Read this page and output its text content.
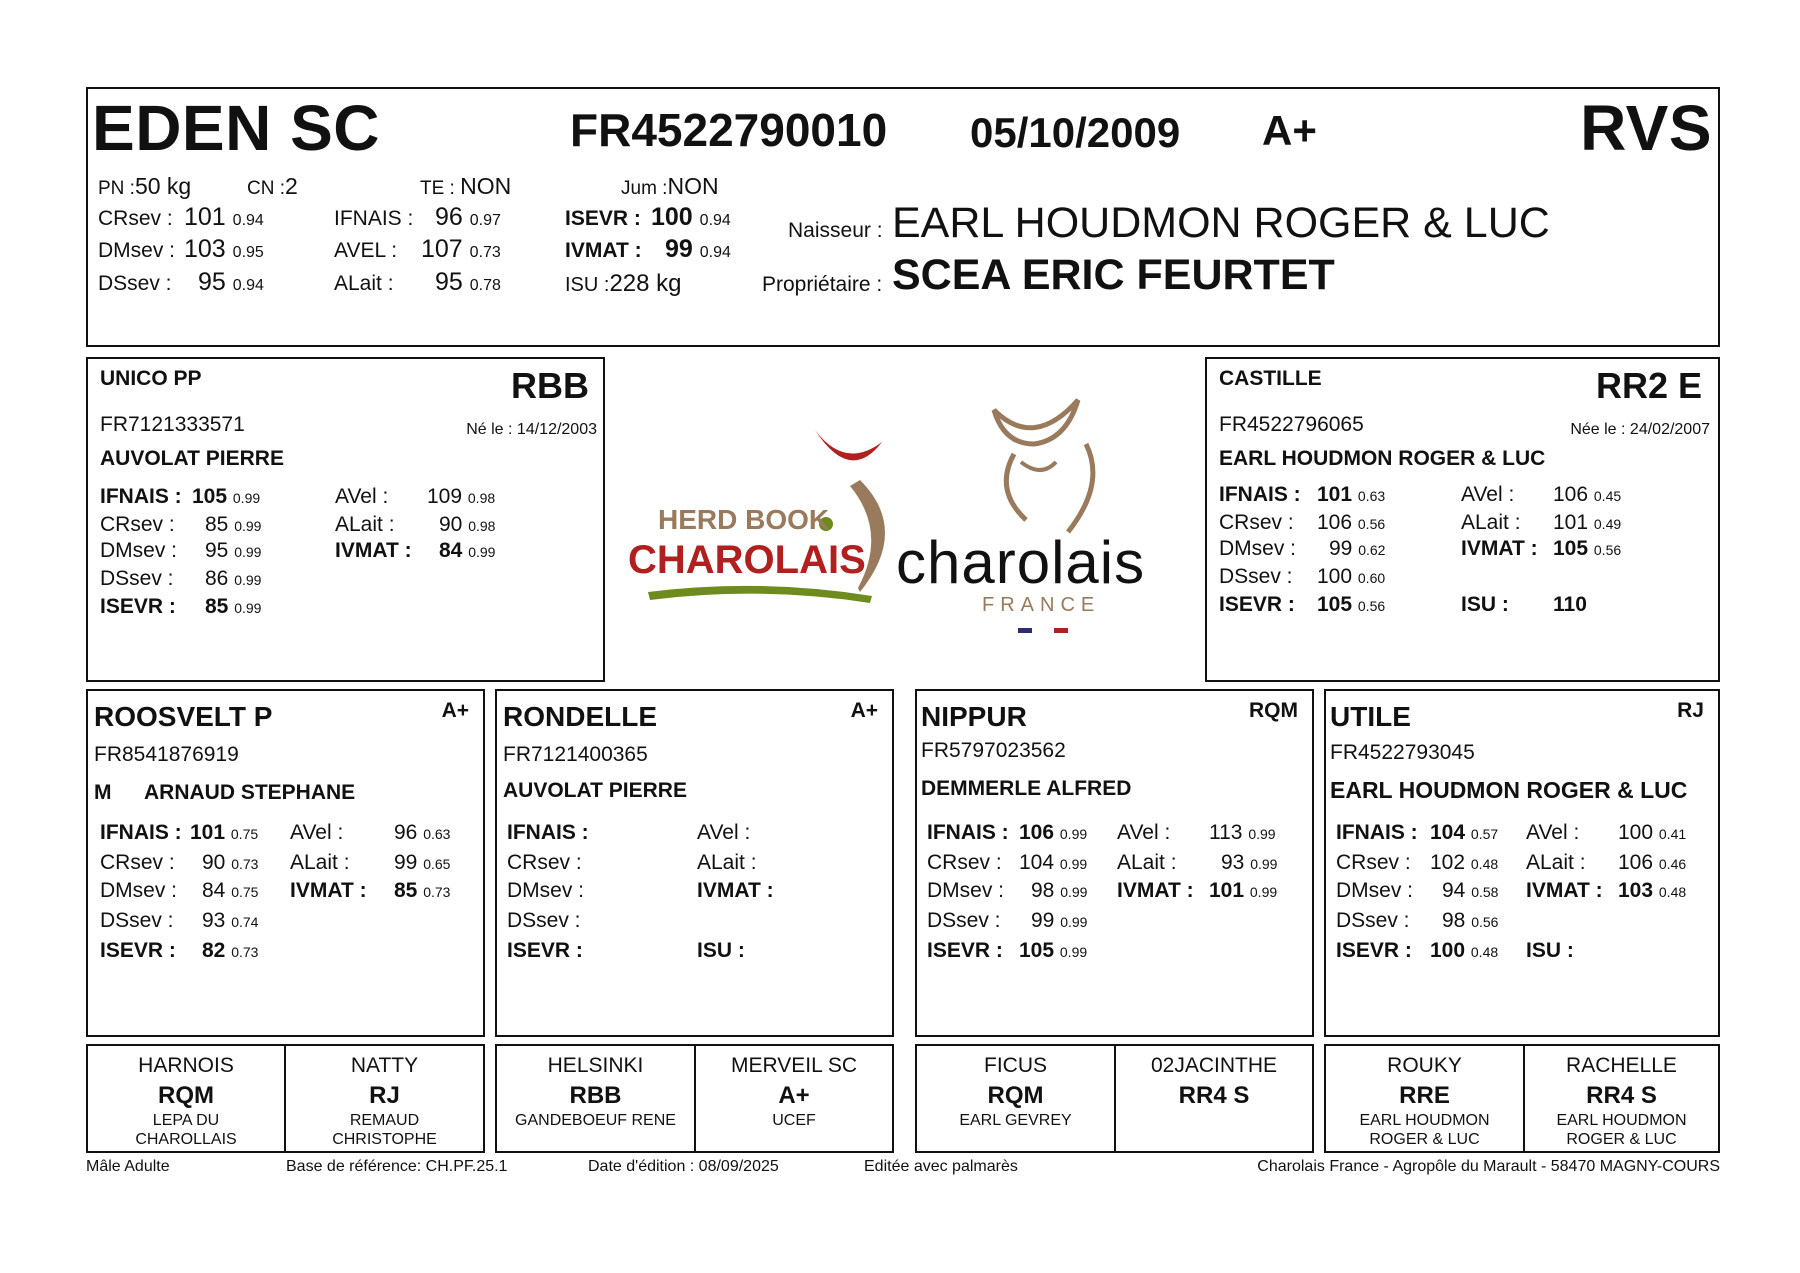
EDEN SC	FR4522790010 05/10/2009 A+	RVS
PN :50 kg	CN :2	TE : NON	Jum :NON
CRsev : 101 0.94
DMsev : 103 0.95
DSsev : 95 0.94
IFNAIS : 96 0.97
AVEL : 107 0.73
ALait : 95 0.78
ISEVR : 100 0.94
IVMAT : 99 0.94
ISU :228 kg
Naisseur : EARL HOUDMON ROGER & LUC
Propriétaire : SCEA ERIC FEURTET
UNICO PP	RBB
FR7121333571	Né le : 14/12/2003
AUVOLAT PIERRE
IFNAIS : 105 0.99
CRsev : 85 0.99
DMsev : 95 0.99
DSsev : 86 0.99
ISEVR : 85 0.99
AVel : 109 0.98
ALait : 90 0.98
IVMAT : 84 0.99
HERD BOOK
CHAROLAIS charolais
FRANCE
CASTILLE	RR2 E
FR4522796065	Née le : 24/02/2007
EARL HOUDMON ROGER & LUC
IFNAIS : 101 0.63
CRsev : 106 0.56
DMsev : 99 0.62
DSsev : 100 0.60
ISEVR : 105 0.56
AVel : 106 0.45
ALait : 101 0.49
IVMAT : 105 0.56
ISU : 110
ROOSVELT P	A+
FR8541876919
M ARNAUD STEPHANE
IFNAIS : 101 0.75
CRsev : 90 0.73
DMsev : 84 0.75
DSsev : 93 0.74
ISEVR : 82 0.73
AVel : 96 0.63
ALait : 99 0.65
IVMAT : 85 0.73
RONDELLE	A+
FR7121400365
AUVOLAT PIERRE
IFNAIS :
CRsev :
DMsev :
DSsev :
ISEVR :
AVel :
ALait :
IVMAT :
ISU :
NIPPUR	RQM
FR5797023562
DEMMERLE ALFRED
IFNAIS : 106 0.99
CRsev : 104 0.99
DMsev : 98 0.99
DSsev : 99 0.99
ISEVR : 105 0.99
AVel : 113 0.99
ALait : 93 0.99
IVMAT : 101 0.99
UTILE	RJ
FR4522793045
EARL HOUDMON ROGER & LUC
IFNAIS : 104 0.57
CRsev : 102 0.48
DMsev : 94 0.58
DSsev : 98 0.56
ISEVR : 100 0.48
AVel : 100 0.41
ALait : 106 0.46
IVMAT : 103 0.48
ISU :
HARNOIS
RQM
LEPA DU
CHAROLLAIS
NATTY
RJ
REMAUD
CHRISTOPHE
HELSINKI
RBB
GANDEBOEUF RENE
MERVEIL SC
A+
UCEF
FICUS
RQM
EARL GEVREY
02JACINTHE
RR4 S
ROUKY
RRE
EARL HOUDMON
ROGER & LUC
RACHELLE
RR4 S
EARL HOUDMON
ROGER & LUC
Mâle Adulte	Base de référence: CH.PF.25.1	Date d'édition : 08/09/2025	Editée avec palmarès	Charolais France - Agropôle du Marault - 58470 MAGNY-COURS
